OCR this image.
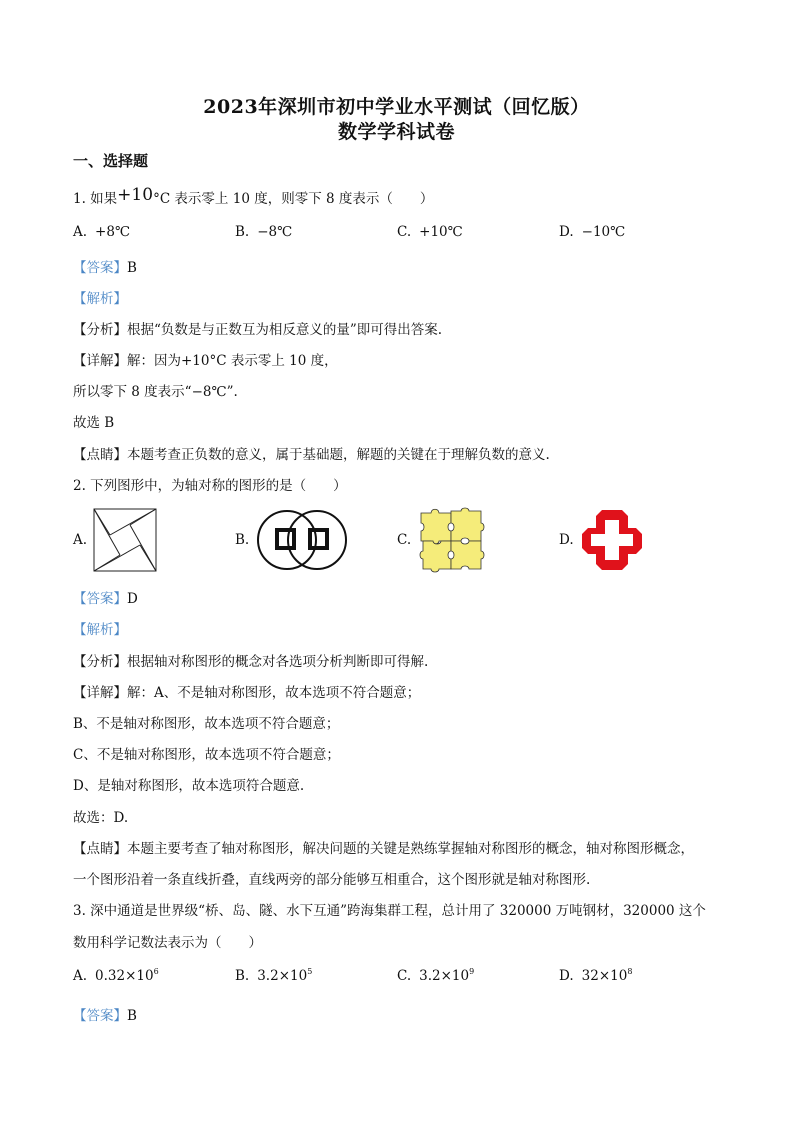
2023年深圳市初中学业水平测试（回忆版）
数学学科试卷
一、选择题
1. 如果+10°C 表示零上 10 度，则零下 8 度表示（　　）
A. +8℃	B. −8℃	C. +10℃	D. −10℃
【答案】B
【解析】
【分析】根据“负数是与正数互为相反意义的量”即可得出答案.
【详解】解：因为+10°C 表示零上 10 度，
所以零下 8 度表示“−8℃”.
故选 B
【点睛】本题考查正负数的意义，属于基础题，解题的关键在于理解负数的意义.
2. 下列图形中，为轴对称的图形的是（　　）
A.	B.	C.	D.
【答案】D
【解析】
【分析】根据轴对称图形的概念对各选项分析判断即可得解.
【详解】解：A、不是轴对称图形，故本选项不符合题意；
B、不是轴对称图形，故本选项不符合题意；
C、不是轴对称图形，故本选项不符合题意；
D、是轴对称图形，故本选项符合题意.
故选：D.
【点睛】本题主要考查了轴对称图形，解决问题的关键是熟练掌握轴对称图形的概念，轴对称图形概念，
一个图形沿着一条直线折叠，直线两旁的部分能够互相重合，这个图形就是轴对称图形.
3. 深中通道是世界级“桥、岛、隧、水下互通”跨海集群工程，总计用了 320000 万吨钢材，320000 这个
数用科学记数法表示为（　　）
A. $0.32\times 10^6$	B. $3.2\times 10^5$	C. $3.2\times 10^9$	D. $32\times 10^8$
【答案】B
